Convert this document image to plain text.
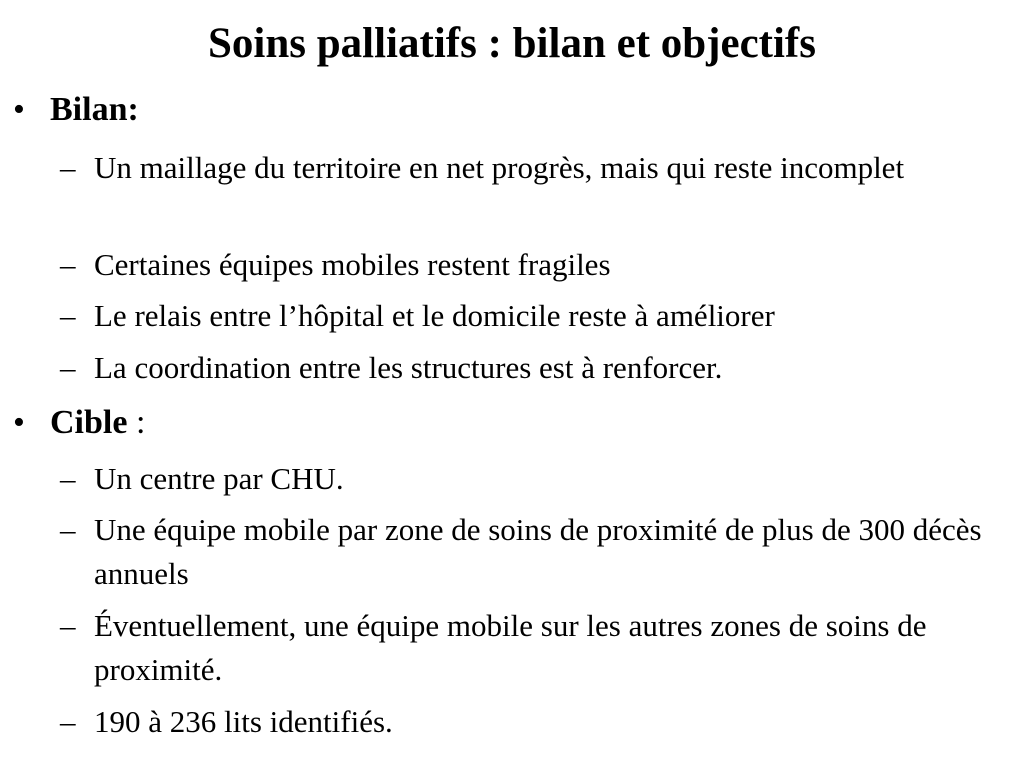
Soins palliatifs : bilan et objectifs
• Bilan:
– Un maillage du territoire en net progrès, mais qui reste incomplet
– Certaines équipes mobiles restent fragiles
– Le relais entre l’hôpital et le domicile reste à améliorer
– La coordination entre les structures est à renforcer.
• Cible :
– Un centre par CHU.
– Une équipe mobile par zone de soins de proximité de plus de 300 décès annuels
– Éventuellement, une équipe mobile sur les autres zones de soins de proximité.
– 190 à 236 lits identifiés.
